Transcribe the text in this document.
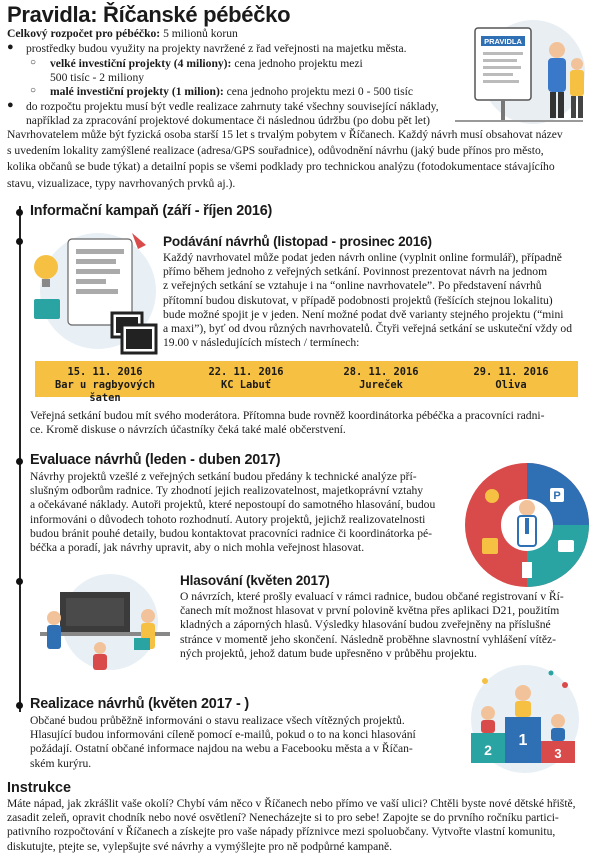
Pravidla: Říčanské pébéčko
Celkový rozpočet pro pébéčko: 5 milionů korun
● prostředky budou využity na projekty navržené z řad veřejnosti na majetku města.
○ velké investiční projekty (4 miliony): cena jednoho projektu mezi
500 tisíc - 2 miliony
○ malé investiční projekty (1 milion): cena jednoho projektu mezi 0 - 500 tisíc
● do rozpočtu projektu musí být vedle realizace zahrnuty také všechny související náklady,
například za zpracování projektové dokumentace či následnou údržbu (po dobu pět let)
Navrhovatelem může být fyzická osoba starší 15 let s trvalým pobytem v Říčanech. Každý návrh musí obsahovat název
s uvedením lokality zamýšlené realizace (adresa/GPS souřadnice), odůvodnění návrhu (jaký bude přínos pro město,
kolika občanů se bude týkat) a detailní popis se všemi podklady pro technickou analýzu (fotodokumentace stávajícího
stavu, vizualizace, typy navrhovaných prvků aj.).
PRAVIDLA
Informační kampaň (září - říjen 2016)
Podávání návrhů (listopad - prosinec 2016)
Každý navrhovatel může podat jeden návrh online (vyplnit online formulář), případně
přímo během jednoho z veřejných setkání. Povinnost prezentovat návrh na jednom
z veřejných setkání se vztahuje i na “online navrhovatele”. Po představení návrhů
přítomní budou diskutovat, v případě podobnosti projektů (řešících stejnou lokalitu)
bude možné spojit je v jeden. Není možné podat dvě varianty stejného projektu (“mini
a maxi”), byť od dvou různých navrhovatelů. Čtyři veřejná setkání se uskuteční vždy od
19.00 v následujících místech / termínech:
15. 11. 2016
Bar u ragbyových šaten
22. 11. 2016
KC Labuť
28. 11. 2016
Jureček
29. 11. 2016
Oliva
Veřejná setkání budou mít svého moderátora. Přítomna bude rovněž koordinátorka pébéčka a pracovníci radni-
ce. Kromě diskuse o návrzích účastníky čeká také malé občerstvení.
Evaluace návrhů (leden - duben 2017)
Návrhy projektů vzešlé z veřejných setkání budou předány k technické analýze pří-
slušným odborům radnice. Ty zhodnotí jejich realizovatelnost, majetkoprávní vztahy
a očekávané náklady. Autoři projektů, které nepostoupí do samotného hlasování, budou
informováni o důvodech tohoto rozhodnutí. Autory projektů, jejichž realizovatelnosti
budou bránit pouhé detaily, budou kontaktovat pracovníci radnice či koordinátorka pé-
béčka a poradí, jak návrhy upravit, aby o nich mohla veřejnost hlasovat.
P
Hlasování (květen 2017)
O návrzích, které prošly evaluací v rámci radnice, budou občané registrovaní v Ří-
čanech mít možnost hlasovat v první polovině května přes aplikaci D21, použitím
kladných a záporných hlasů. Výsledky hlasování budou zveřejněny na příslušné
stránce v momentě jeho skončení. Následně proběhne slavnostní vyhlášení vítěz-
ných projektů, jehož datum bude upřesněno v průběhu projektu.
Realizace návrhů (květen 2017 - )
Občané budou průběžně informováni o stavu realizace všech vítězných projektů.
Hlasující budou informováni cíleně pomocí e-mailů, pokud o to na konci hlasování
požádají. Ostatní občané informace najdou na webu a Facebooku města a v Říčan-
ském kurýru.
1
2	3
Instrukce
Máte nápad, jak zkrášlit vaše okolí? Chybí vám něco v Říčanech nebo přímo ve vaší ulici? Chtěli byste nové dětské hřiště,
zasadit zeleň, opravit chodník nebo nové osvětlení? Nenecházejte si to pro sebe! Zapojte se do prvního ročníku partici-
pativního rozpočtování v Říčanech a získejte pro vaše nápady příznivce mezi spoluobčany. Vytvořte vlastní komunitu,
diskutujte, ptejte se, vylepšujte své návrhy a vymýšlejte pro ně podpůrné kampaně.
